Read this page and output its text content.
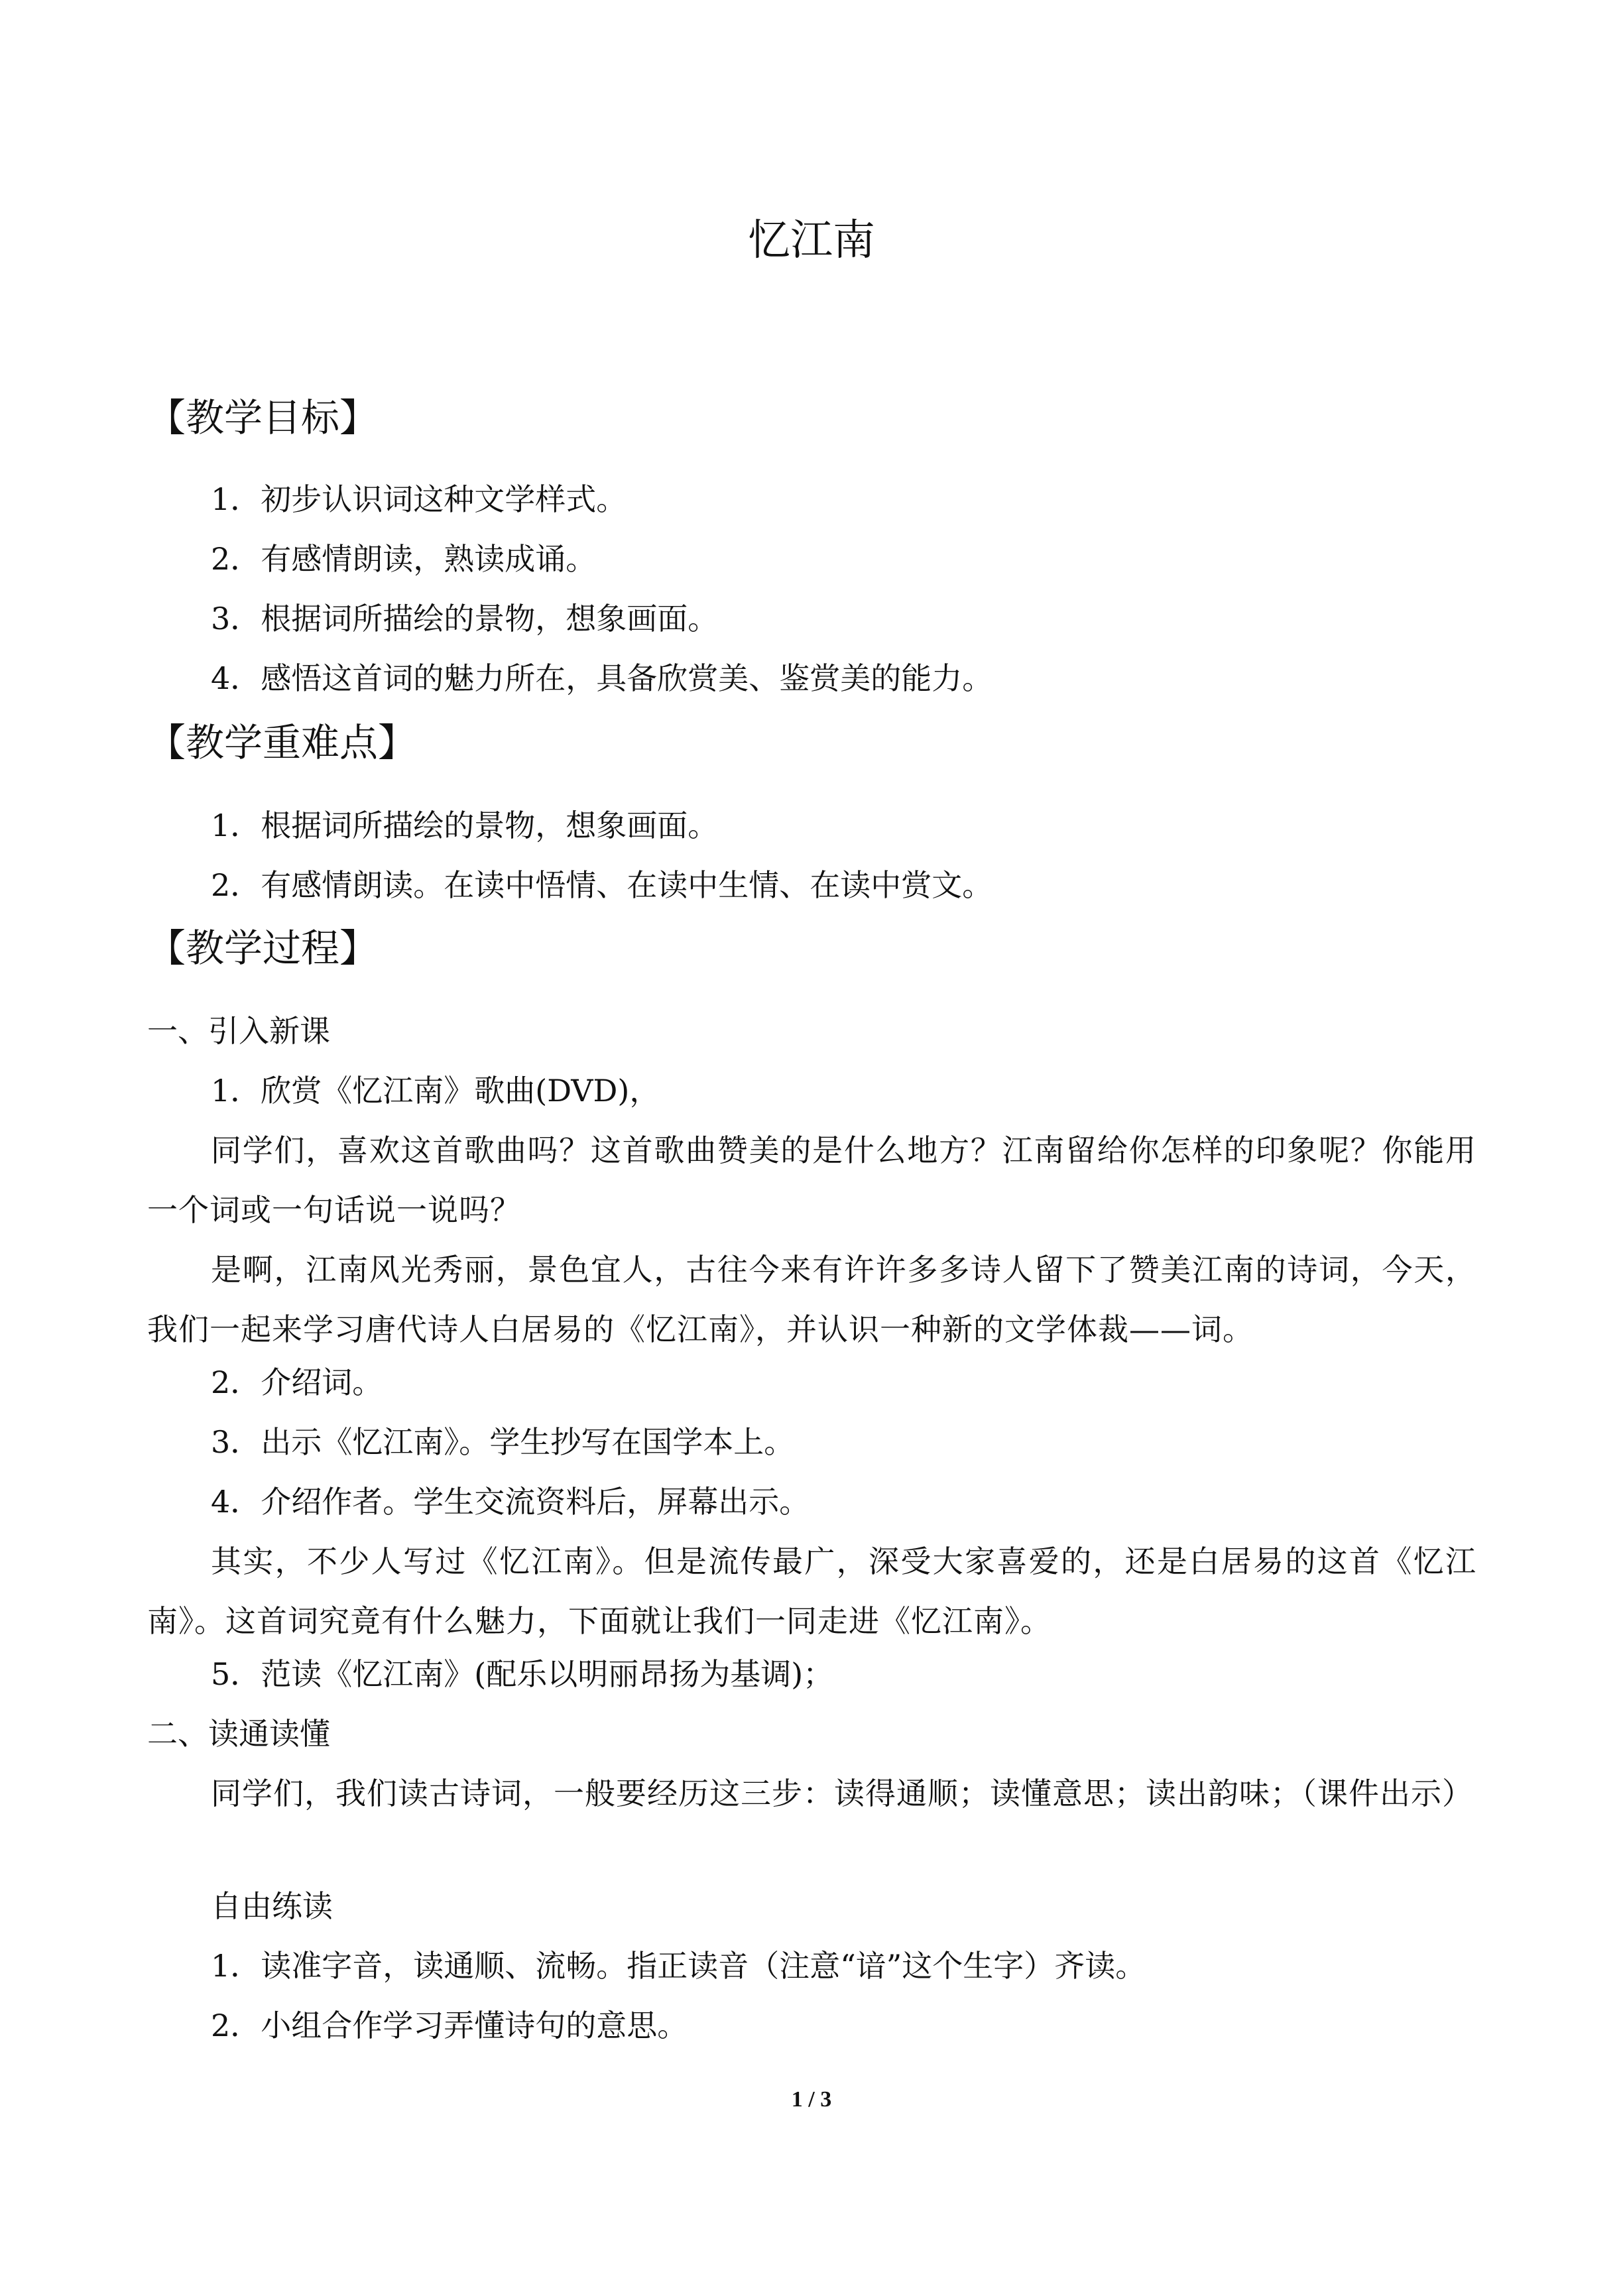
忆江南
【教学目标】
1．初步认识词这种文学样式。
2．有感情朗读，熟读成诵。
3．根据词所描绘的景物，想象画面。
4．感悟这首词的魅力所在，具备欣赏美、鉴赏美的能力。
【教学重难点】
1．根据词所描绘的景物，想象画面。
2．有感情朗读。在读中悟情、在读中生情、在读中赏文。
【教学过程】
一、引入新课
1．欣赏《忆江南》歌曲(DVD)，
同学们，喜欢这首歌曲吗？这首歌曲赞美的是什么地方？江南留给你怎样的印象呢？你能用一个词或一句话说一说吗？
是啊，江南风光秀丽，景色宜人，古往今来有许许多多诗人留下了赞美江南的诗词，今天，我们一起来学习唐代诗人白居易的《忆江南》，并认识一种新的文学体裁——词。
2．介绍词。
3．出示《忆江南》。学生抄写在国学本上。
4．介绍作者。学生交流资料后，屏幕出示。
其实，不少人写过《忆江南》。但是流传最广，深受大家喜爱的，还是白居易的这首《忆江南》。这首词究竟有什么魅力，下面就让我们一同走进《忆江南》。
5．范读《忆江南》(配乐以明丽昂扬为基调)；
二、读通读懂
同学们，我们读古诗词，一般要经历这三步：读得通顺；读懂意思；读出韵味；（课件出示）
自由练读
1．读准字音，读通顺、流畅。指正读音（注意“谙”这个生字）齐读。
2．小组合作学习弄懂诗句的意思。
1 / 3
